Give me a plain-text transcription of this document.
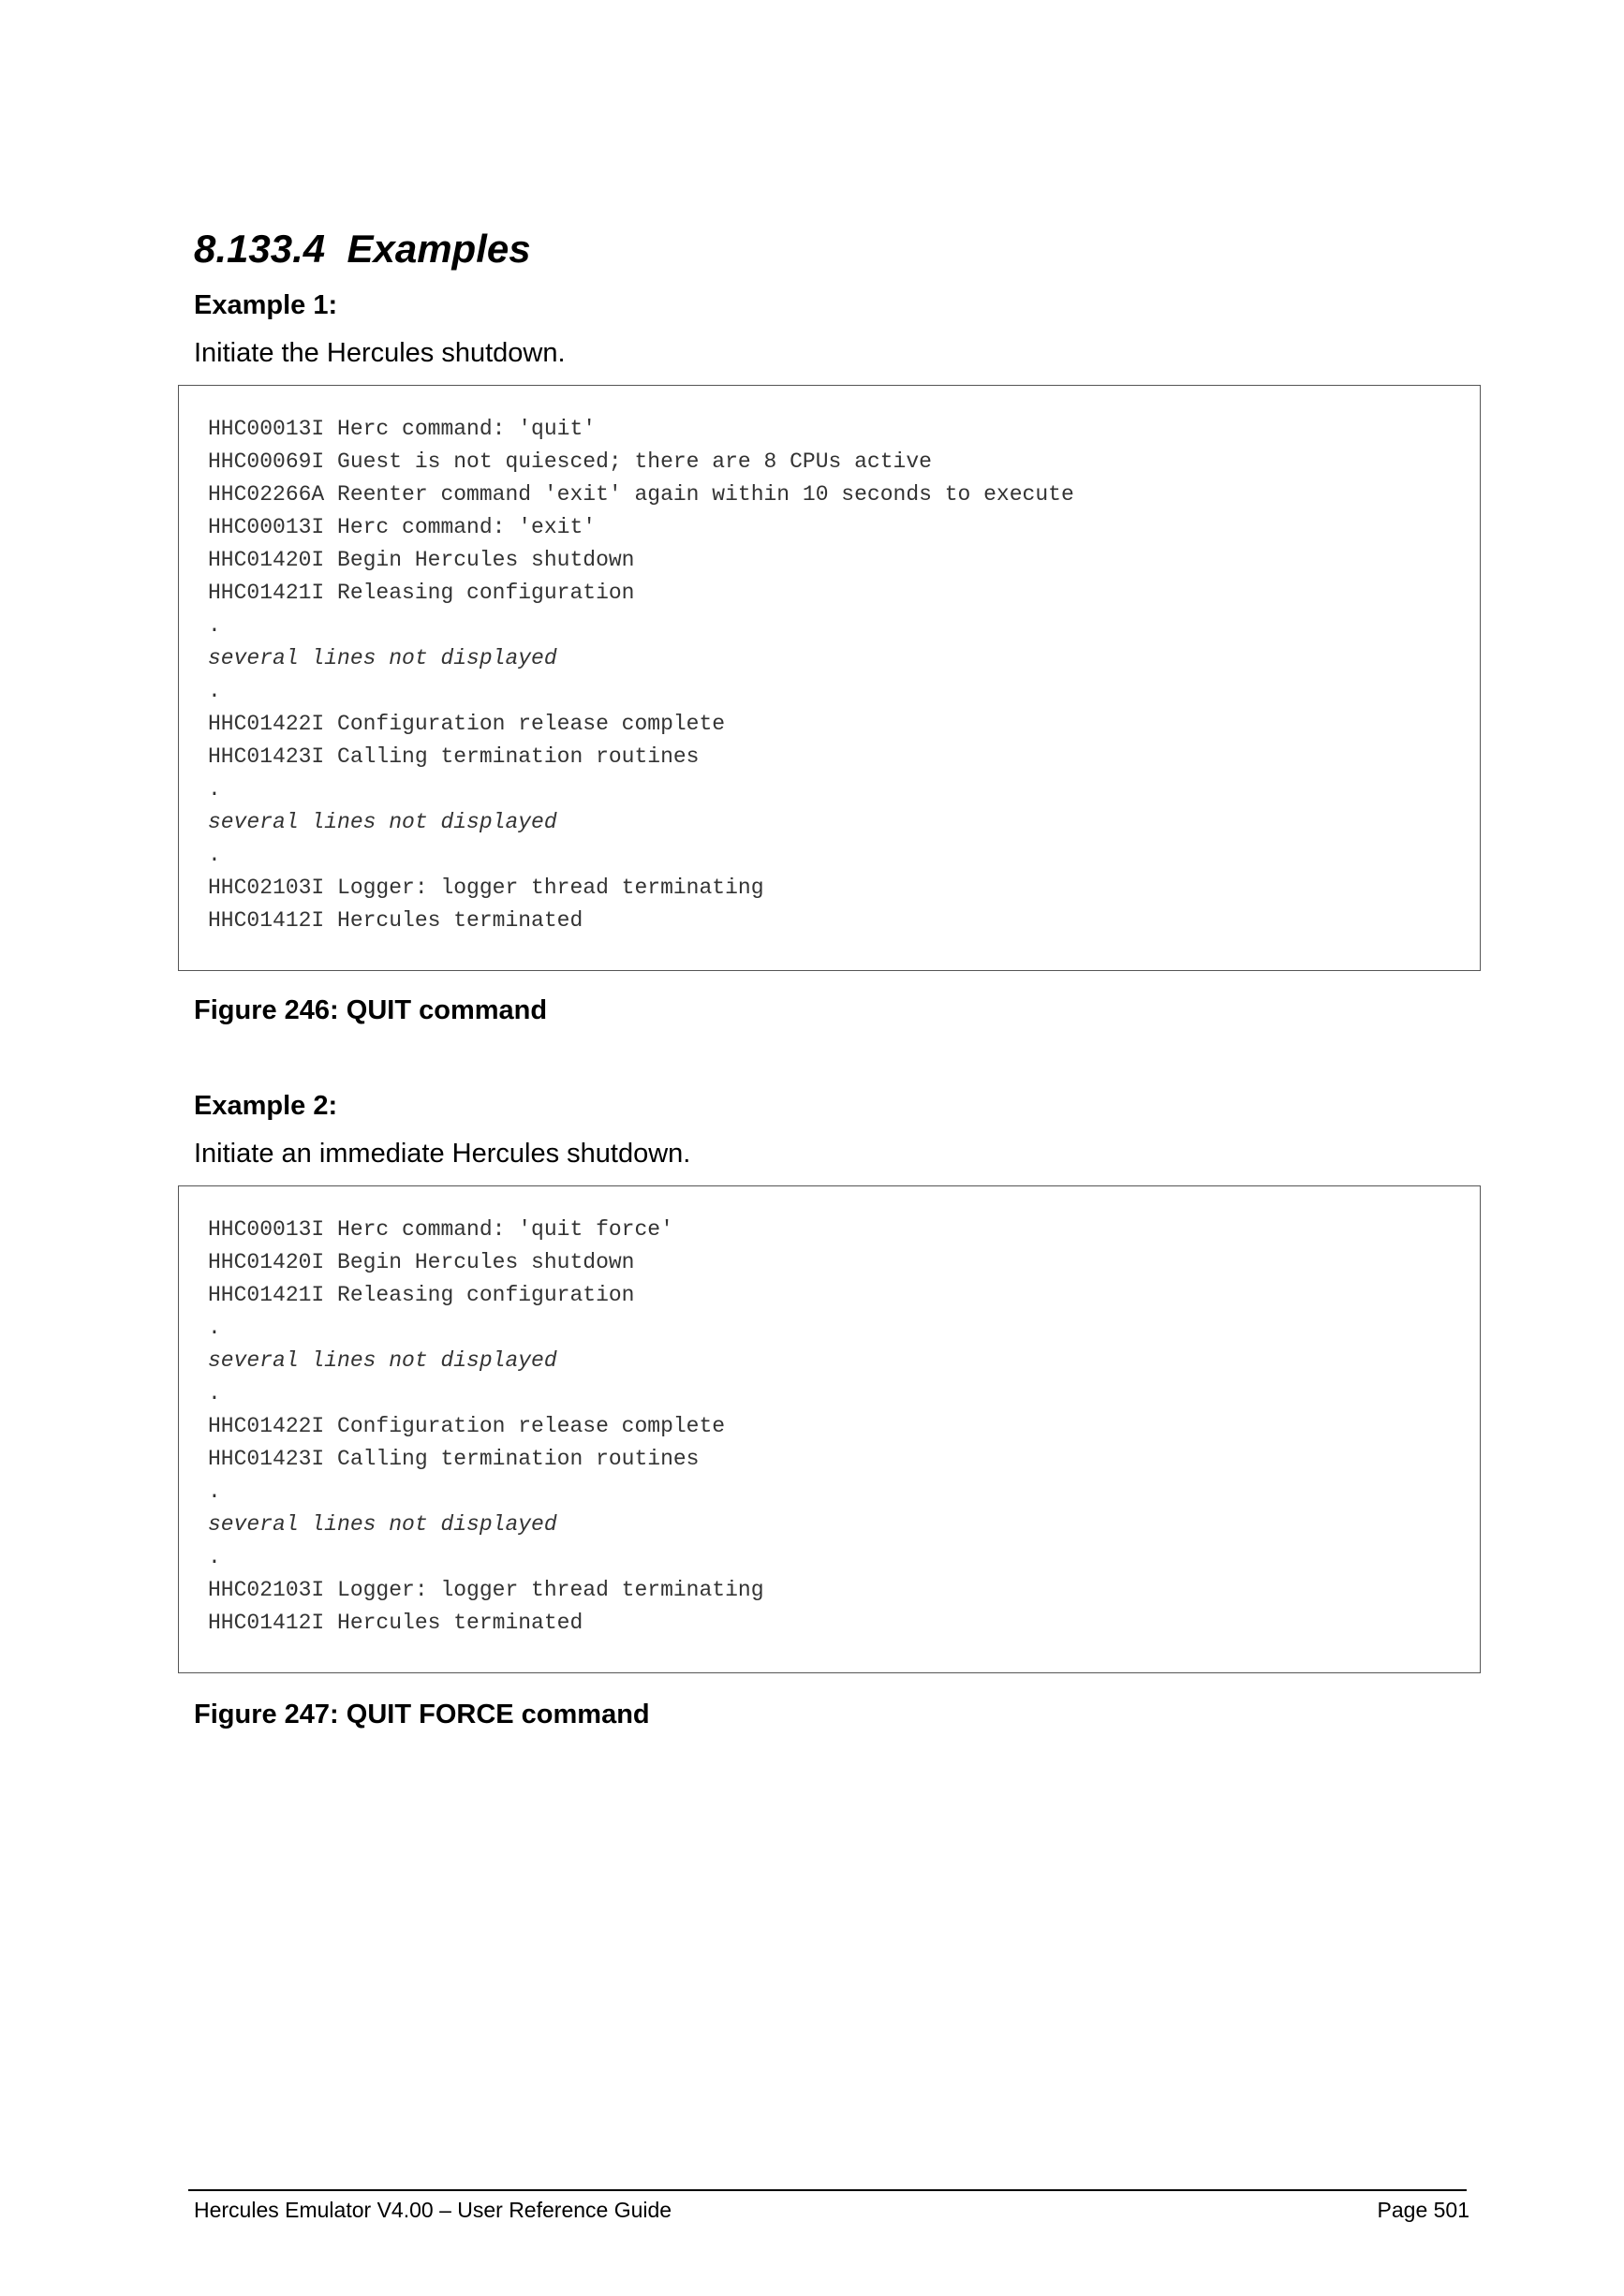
8.133.4 Examples

Example 1:

Initiate the Hercules shutdown.

HHC00013I Herc command: 'quit'
HHC00069I Guest is not quiesced; there are 8 CPUs active
HHC02266A Reenter command 'exit' again within 10 seconds to execute
HHC00013I Herc command: 'exit'
HHC01420I Begin Hercules shutdown
HHC01421I Releasing configuration
.
several lines not displayed
.
HHC01422I Configuration release complete
HHC01423I Calling termination routines
.
several lines not displayed
.
HHC02103I Logger: logger thread terminating
HHC01412I Hercules terminated

Figure 246: QUIT command

Example 2:

Initiate an immediate Hercules shutdown.

HHC00013I Herc command: 'quit force'
HHC01420I Begin Hercules shutdown
HHC01421I Releasing configuration
.
several lines not displayed
.
HHC01422I Configuration release complete
HHC01423I Calling termination routines
.
several lines not displayed
.
HHC02103I Logger: logger thread terminating
HHC01412I Hercules terminated

Figure 247: QUIT FORCE command

Hercules Emulator V4.00 – User Reference Guide	Page 501
